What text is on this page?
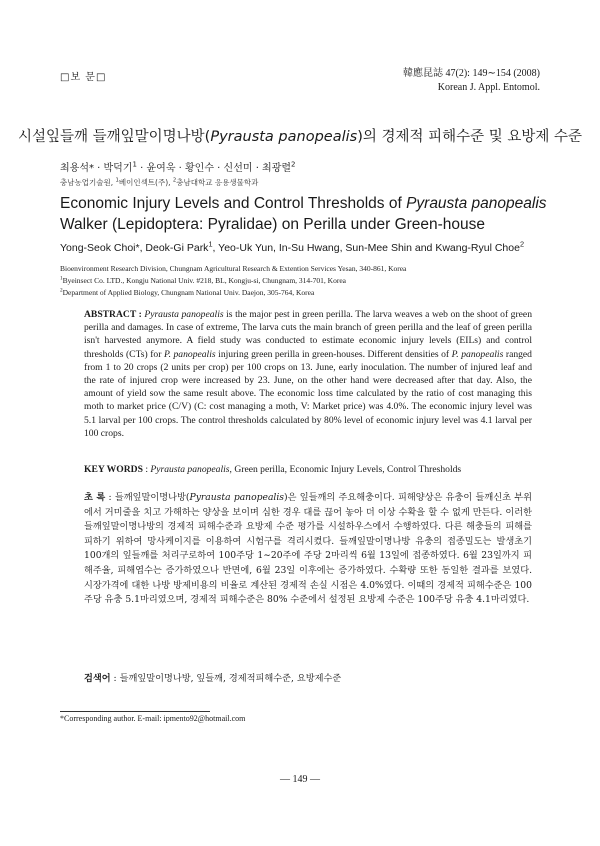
□보 문□	韓應昆誌 47(2): 149∼154 (2008)
Korean J. Appl. Entomol.
시설잎들깨 들깨잎말이명나방(Pyrausta panopealis)의 경제적 피해수준 및 요방제 수준
최용석* · 박덕기$^1$ · 윤여욱 · 황인수 · 신선미 · 최광렬$^2$
충남농업기술원, $^1$베이인섹트(주), $^2$충남대학교 응용생물학과
Economic Injury Levels and Control Thresholds of Pyrausta panopealis
Walker (Lepidoptera: Pyralidae) on Perilla under Green-house
Yong-Seok Choi*, Deok-Gi Park$^1$, Yeo-Uk Yun, In-Su Hwang, Sun-Mee Shin and Kwang-Ryul Choe$^2$
Bioenvironment Research Division, Chungnam Agricultural Research & Extention Services Yesan, 340-861, Korea
$^1$Byeinsect Co. LTD., Kongju National Univ. #218, BL, Kongju-si, Chungnam, 314-701, Korea
$^2$Department of Applied Biology, Chungnam National Univ. Daejon, 305-764, Korea
ABSTRACT : Pyrausta panopealis is the major pest in green perilla. The larva weaves a web on the shoot of green perilla and damages. In case of extreme, The larva cuts the main branch of green perilla and the leaf of green perilla isn't harvested anymore. A field study was conducted to estimate economic injury levels (EILs) and control thresholds (CTs) for P. panopealis injuring green perilla in green-houses. Different densities of P. panopealis ranged from 1 to 20 crops (2 units per crop) per 100 crops on 13. June, early inoculation. The number of injured leaf and the rate of injured crop were increased by 23. June, on the other hand were decreased after that day. Also, the amount of yield sow the same result above. The economic loss time calculated by the ratio of cost managing this moth to market price (C/V) (C: cost managing a moth, V: Market price) was 4.0%. The economic injury level was 5.1 larval per 100 crops. The control thresholds calculated by 80% level of economic injury level was 4.1 larval per 100 crops.
KEY WORDS : Pyrausta panopealis, Green perilla, Economic Injury Levels, Control Thresholds
초 록 : 들깨잎말이명나방(Pyrausta panopealis)은 잎들깨의 주요해충이다. 피해양상은 유충이 들깨신초 부위에서 거미줄을 치고 가해하는 양상을 보이며 심한 경우 대를 끊어 놓아 더 이상 수확을 할 수 없게 만든다. 이러한 들깨잎말이명나방의 경제적 피해수준과 요방제 수준 평가를 시설하우스에서 수행하였다. 다른 해충들의 피해를 피하기 위하여 망사케이지를 이용하여 시험구를 격리시켰다. 들깨잎말이명나방 유충의 접종밀도는 발생초기 100개의 잎들깨를 처리구로하여 100주당 1∼20주에 주당 2마리씩 6월 13일에 접종하였다. 6월 23일까지 피해주율, 피해엽수는 증가하였으나 반면에, 6월 23일 이후에는 증가하였다. 수확량 또한 동일한 결과를 보였다. 시장가격에 대한 나방 방제비용의 비율로 계산된 경제적 손실 시점은 4.0%였다. 이때의 경제적 피해수준은 100주당 유충 5.1마리였으며, 경제적 피해수준은 80% 수준에서 설정된 요방제 수준은 100주당 유충 4.1마리였다.
검색어 : 들깨잎말이명나방, 잎들깨, 경제적피해수준, 요방제수준
*Corresponding author. E-mail: ipmento92@hotmail.com
— 149 —
